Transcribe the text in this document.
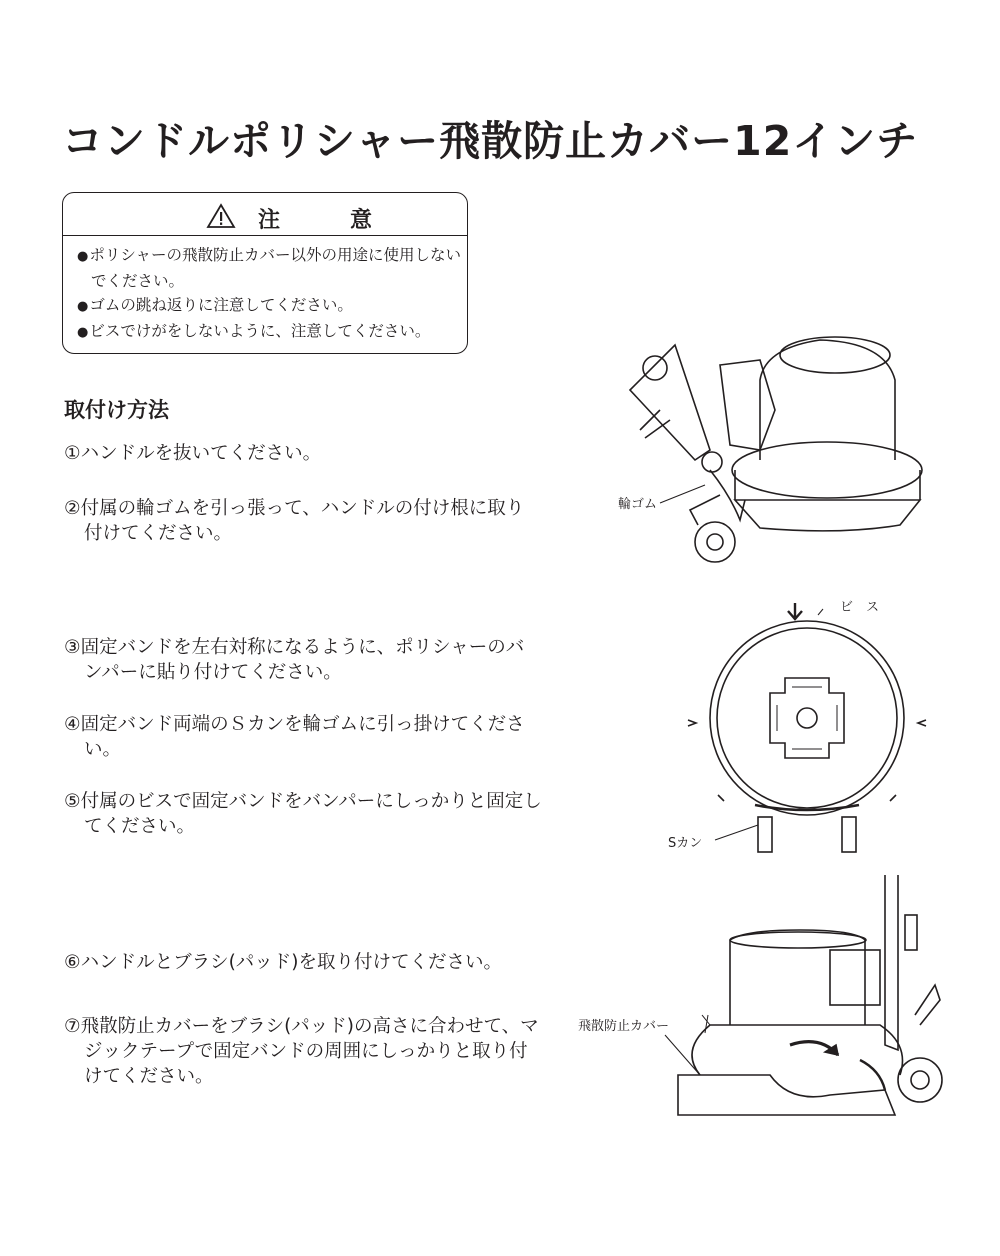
コンドルポリシャー飛散防止カバー12インチ
注　意
● ポリシャーの飛散防止カバー以外の用途に使用しないでください。
● ゴムの跳ね返りに注意してください。
● ビスでけがをしないように、注意してください。
取付け方法
①ハンドルを抜いてください。
②付属の輪ゴムを引っ張って、ハンドルの付け根に取り付けてください。
③固定バンドを左右対称になるように、ポリシャーのバンパーに貼り付けてください。
④固定バンド両端のＳカンを輪ゴムに引っ掛けてください。
⑤付属のビスで固定バンドをバンパーにしっかりと固定してください。
⑥ハンドルとブラシ(パッド)を取り付けてください。
⑦飛散防止カバーをブラシ(パッド)の高さに合わせて、マジックテープで固定バンドの周囲にしっかりと取り付けてください。
輪ゴム
ビ　ス
Sカン
飛散防止カバー
